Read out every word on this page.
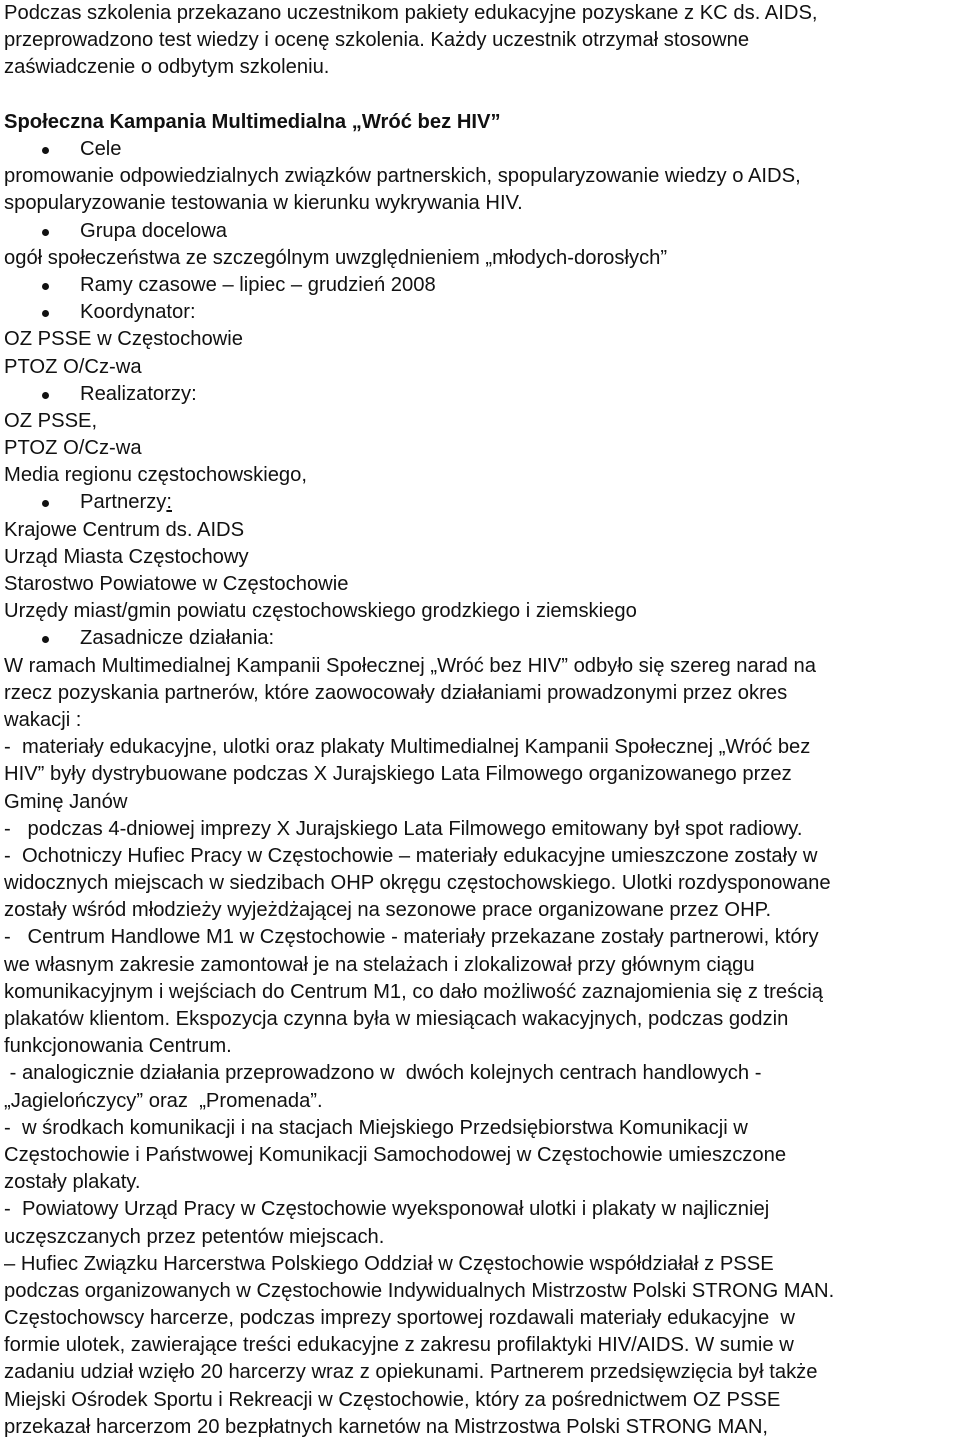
Podczas szkolenia przekazano uczestnikom pakiety edukacyjne pozyskane z KC ds. AIDS,
przeprowadzono test wiedzy i ocenę szkolenia. Każdy uczestnik otrzymał stosowne
zaświadczenie o odbytym szkoleniu.
Społeczna Kampania Multimedialna „Wróć bez HIV”
Cele
promowanie odpowiedzialnych związków partnerskich, spopularyzowanie wiedzy o AIDS,
spopularyzowanie testowania w kierunku wykrywania HIV.
Grupa docelowa
ogół społeczeństwa ze szczególnym uwzględnieniem „młodych-dorosłych”
Ramy czasowe – lipiec – grudzień 2008
Koordynator:
OZ PSSE w Częstochowie
PTOZ O/Cz-wa
Realizatorzy:
OZ PSSE,
PTOZ O/Cz-wa
Media regionu częstochowskiego,
Partnerzy:
Krajowe Centrum ds. AIDS
Urząd Miasta Częstochowy
Starostwo Powiatowe w Częstochowie
Urzędy miast/gmin powiatu częstochowskiego grodzkiego i ziemskiego
Zasadnicze działania:
W ramach Multimedialnej Kampanii Społecznej „Wróć bez HIV” odbyło się szereg narad na
rzecz pozyskania partnerów, które zaowocowały działaniami prowadzonymi przez okres
wakacji :
-  materiały edukacyjne, ulotki oraz plakaty Multimedialnej Kampanii Społecznej „Wróć bez
HIV” były dystrybuowane podczas X Jurajskiego Lata Filmowego organizowanego przez
Gminę Janów
-   podczas 4-dniowej imprezy X Jurajskiego Lata Filmowego emitowany był spot radiowy.
-  Ochotniczy Hufiec Pracy w Częstochowie – materiały edukacyjne umieszczone zostały w
widocznych miejscach w siedzibach OHP okręgu częstochowskiego. Ulotki rozdysponowane
zostały wśród młodzieży wyjeżdżającej na sezonowe prace organizowane przez OHP.
-   Centrum Handlowe M1 w Częstochowie - materiały przekazane zostały partnerowi, który
we własnym zakresie zamontował je na stelażach i zlokalizował przy głównym ciągu
komunikacyjnym i wejściach do Centrum M1, co dało możliwość zaznajomienia się z treścią
plakatów klientom. Ekspozycja czynna była w miesiącach wakacyjnych, podczas godzin
funkcjonowania Centrum.
- analogicznie działania przeprowadzono w  dwóch kolejnych centrach handlowych -
„Jagielończycy” oraz  „Promenada”.
-  w środkach komunikacji i na stacjach Miejskiego Przedsiębiorstwa Komunikacji w
Częstochowie i Państwowej Komunikacji Samochodowej w Częstochowie umieszczone
zostały plakaty.
-  Powiatowy Urząd Pracy w Częstochowie wyeksponował ulotki i plakaty w najliczniej
uczęszczanych przez petentów miejscach.
– Hufiec Związku Harcerstwa Polskiego Oddział w Częstochowie współdziałał z PSSE
podczas organizowanych w Częstochowie Indywidualnych Mistrzostw Polski STRONG MAN.
Częstochowscy harcerze, podczas imprezy sportowej rozdawali materiały edukacyjne  w
formie ulotek, zawierające treści edukacyjne z zakresu profilaktyki HIV/AIDS. W sumie w
zadaniu udział wzięło 20 harcerzy wraz z opiekunami. Partnerem przedsięwzięcia był także
Miejski Ośrodek Sportu i Rekreacji w Częstochowie, który za pośrednictwem OZ PSSE
przekazał harcerzom 20 bezpłatnych karnetów na Mistrzostwa Polski STRONG MAN,
